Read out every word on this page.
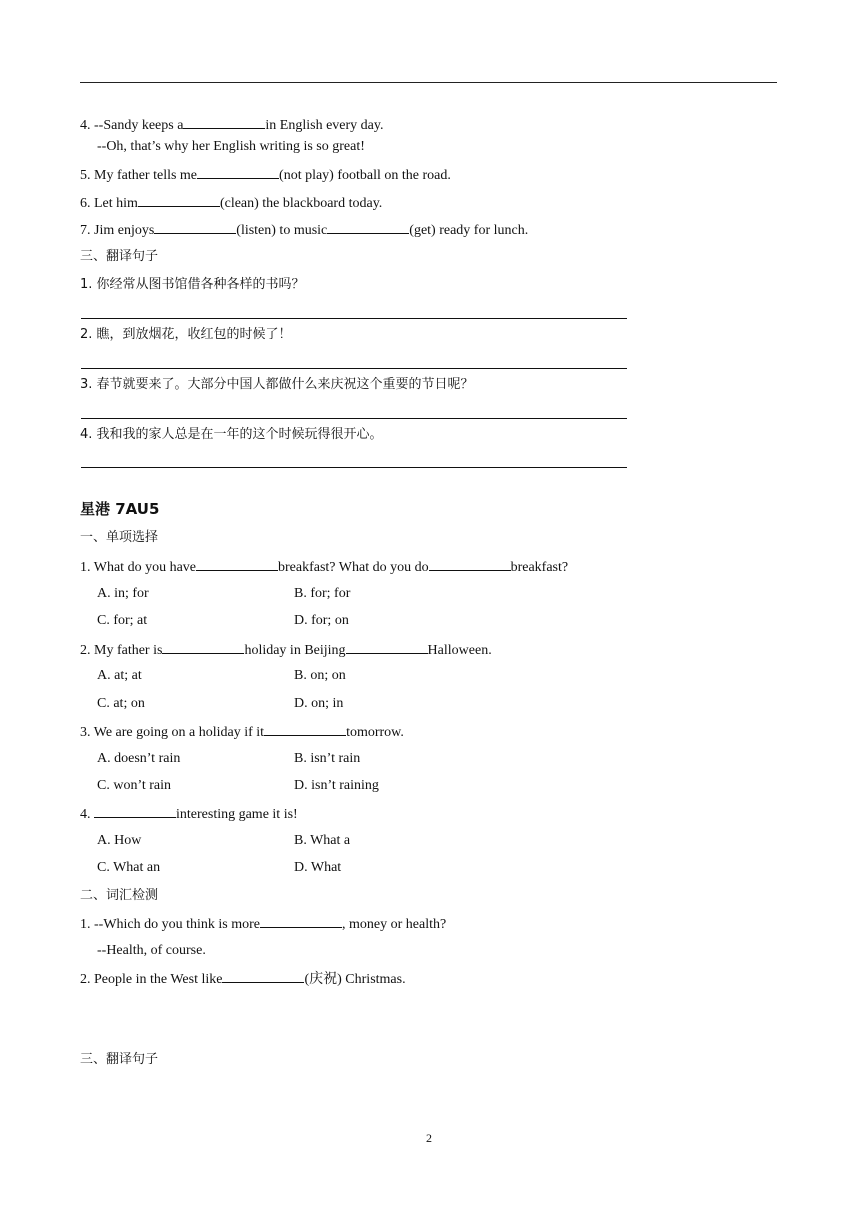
4. --Sandy keeps a	in English every day.
--Oh, that’s why her English writing is so great!
5. My father tells me	(not play) football on the road.
6. Let him	(clean) the blackboard today.
7. Jim enjoys	(listen) to music	(get) ready for lunch.
三、翻译句子
1. 你经常从图书馆借各种各样的书吗？
2. 瞧，到放烟花，收红包的时候了！
3. 春节就要来了。大部分中国人都做什么来庆祝这个重要的节日呢？
4. 我和我的家人总是在一年的这个时候玩得很开心。
星港 7AU5
一、单项选择
1. What do you have	breakfast? What do you do	breakfast?
A. in; for	B. for; for
C. for; at	D. for; on
2. My father is	holiday in Beijing	Halloween.
A. at; at	B. on; on
C. at; on	D. on; in
3. We are going on a holiday if it	tomorrow.
A. doesn’t rain	B. isn’t rain
C. won’t rain	D. isn’t raining
4.	interesting game it is!
A. How	B. What a
C. What an	D. What
二、词汇检测
1. --Which do you think is more	, money or health?
--Health, of course.
2. People in the West like	(庆祝) Christmas.
三、翻译句子
2
